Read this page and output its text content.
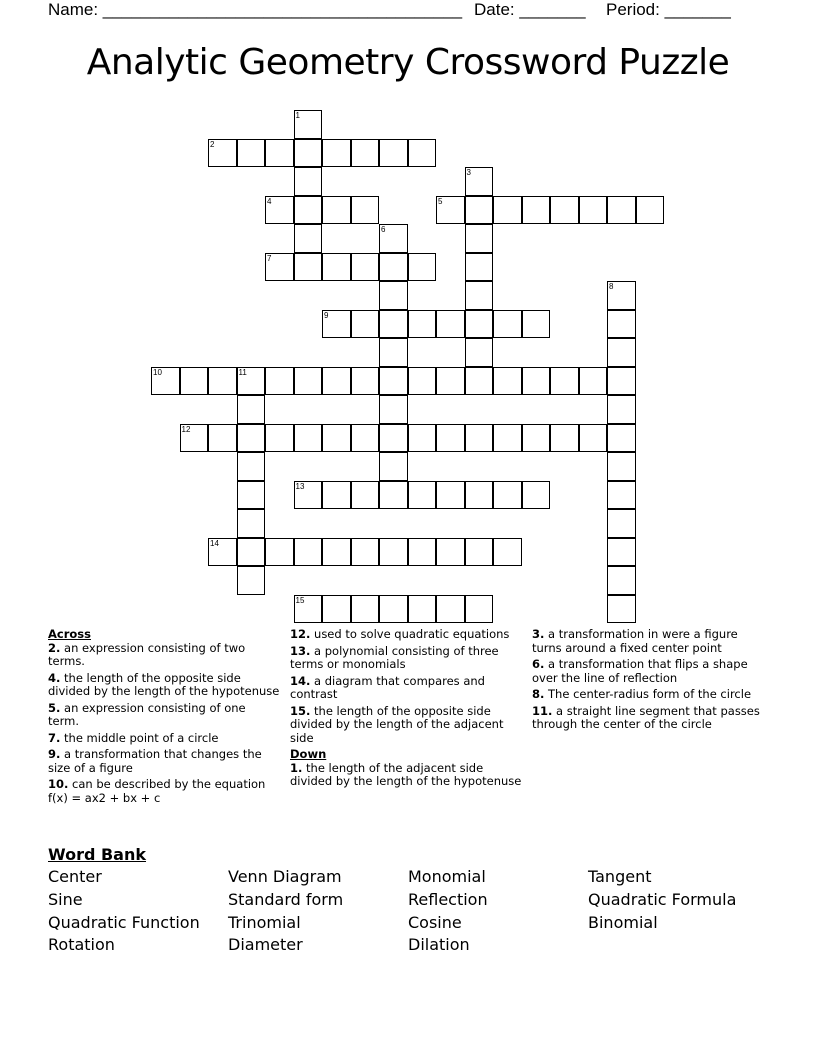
Name: ______________________________________ Date: _______ Period: _______
Analytic Geometry Crossword Puzzle
1
2
3
4	5
6
7
8
9
10	11
12
13
14
15
Across
2. an expression consisting of two terms.
4. the length of the opposite side divided by the length of the hypotenuse
5. an expression consisting of one term.
7. the middle point of a circle
9. a transformation that changes the size of a figure
10. can be described by the equation f(x) = ax2 + bx + c
12. used to solve quadratic equations
13. a polynomial consisting of three terms or monomials
14. a diagram that compares and contrast
15. the length of the opposite side divided by the length of the adjacent side
Down
1. the length of the adjacent side divided by the length of the hypotenuse
3. a transformation in were a figure turns around a fixed center point
6. a transformation that flips a shape over the line of reflection
8. The center-radius form of the circle
11. a straight line segment that passes through the center of the circle
Word Bank
Center
Sine
Quadratic Function
Rotation
Venn Diagram
Standard form
Trinomial
Diameter
Monomial
Reflection
Cosine
Dilation
Tangent
Quadratic Formula
Binomial
